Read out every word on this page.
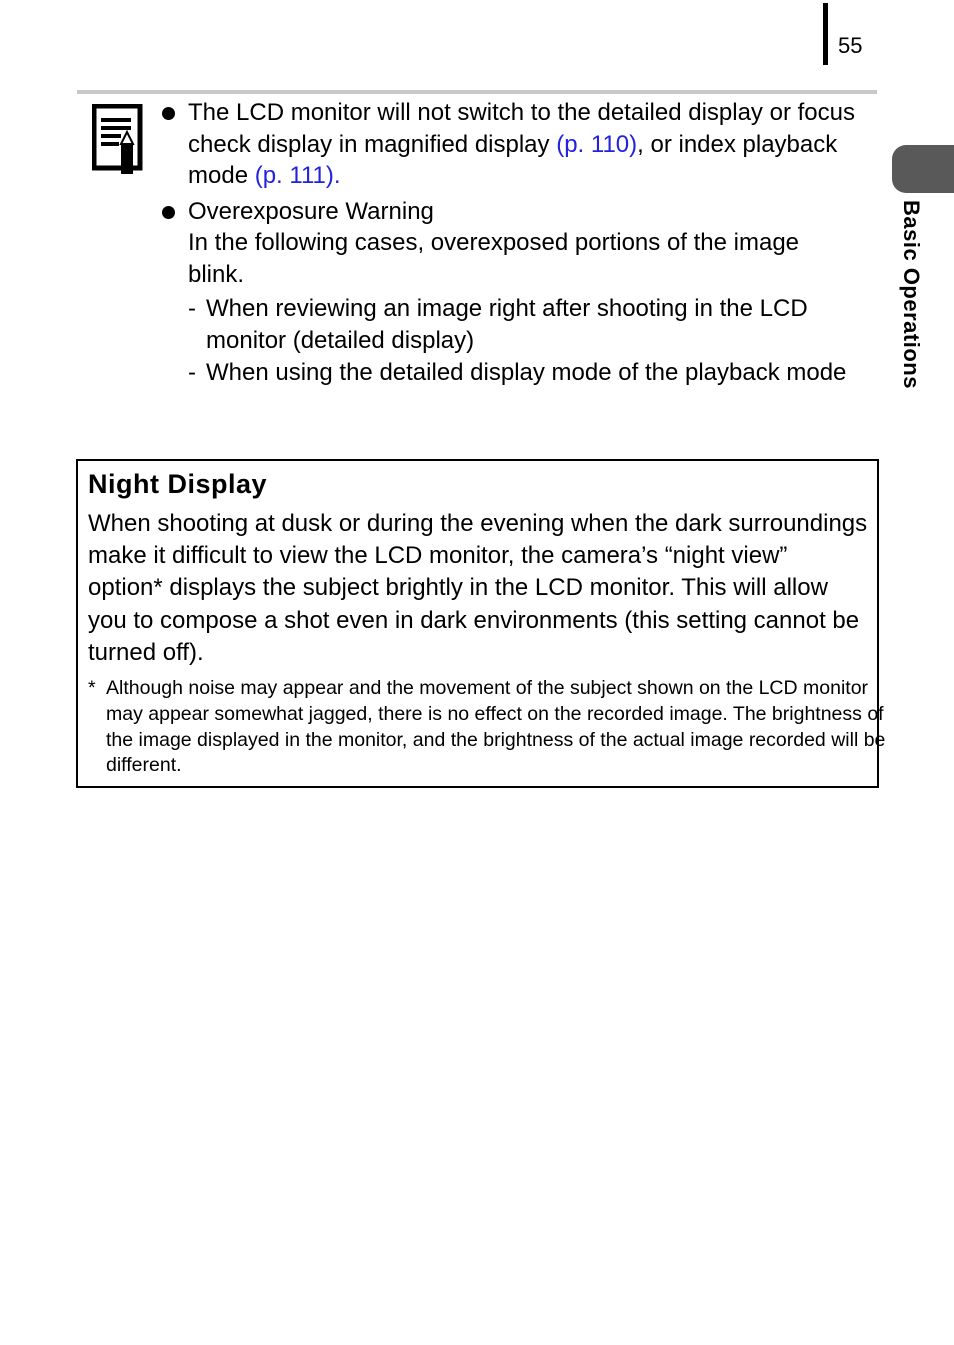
55
Basic Operations
The LCD monitor will not switch to the detailed display or focus check display in magnified display (p. 110), or index playback mode (p. 111).
Overexposure Warning
In the following cases, overexposed portions of the image blink.
- When reviewing an image right after shooting in the LCD monitor (detailed display)
- When using the detailed display mode of the playback mode
Night Display
When shooting at dusk or during the evening when the dark surroundings make it difficult to view the LCD monitor, the camera’s “night view” option* displays the subject brightly in the LCD monitor. This will allow you to compose a shot even in dark environments (this setting cannot be turned off).
* Although noise may appear and the movement of the subject shown on the LCD monitor may appear somewhat jagged, there is no effect on the recorded image. The brightness of the image displayed in the monitor, and the brightness of the actual image recorded will be different.
